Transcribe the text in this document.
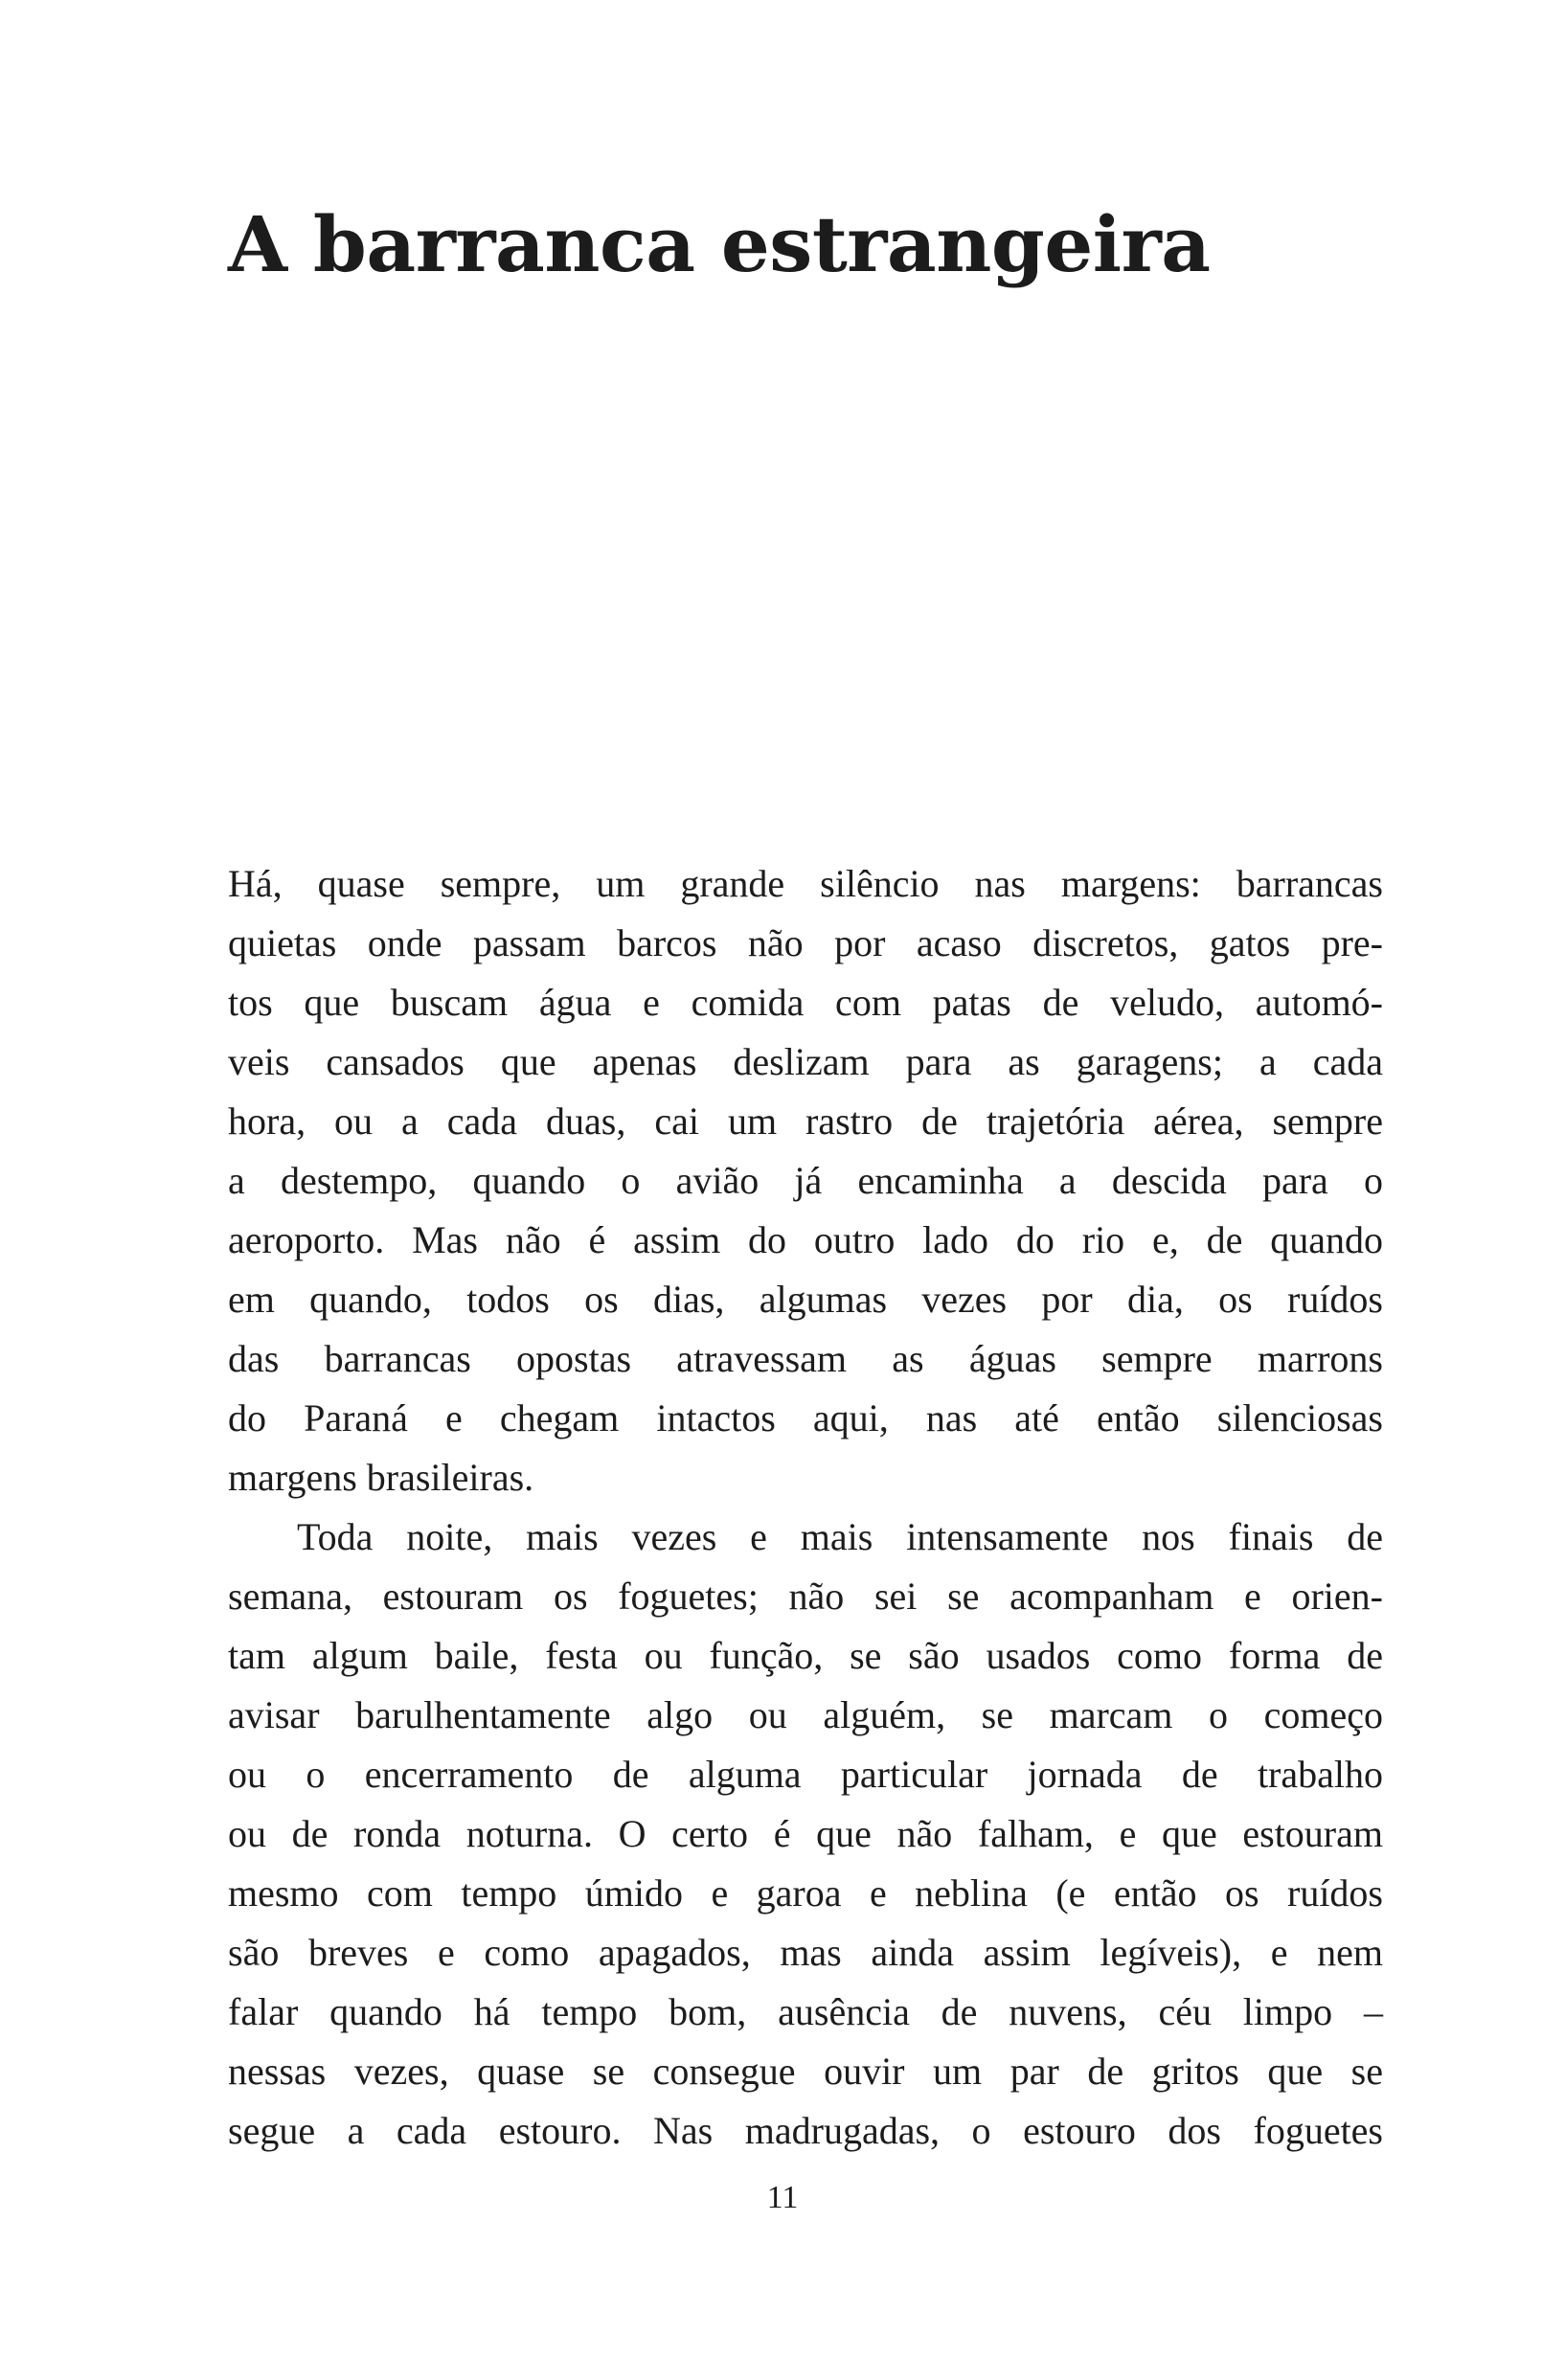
A barranca estrangeira
Há, quase sempre, um grande silêncio nas margens: barrancas
quietas onde passam barcos não por acaso discretos, gatos pre-
tos que buscam água e comida com patas de veludo, automó-
veis cansados que apenas deslizam para as garagens; a cada
hora, ou a cada duas, cai um rastro de trajetória aérea, sempre
a destempo, quando o avião já encaminha a descida para o
aeroporto. Mas não é assim do outro lado do rio e, de quando
em quando, todos os dias, algumas vezes por dia, os ruídos
das barrancas opostas atravessam as águas sempre marrons
do Paraná e chegam intactos aqui, nas até então silenciosas
margens brasileiras.
Toda noite, mais vezes e mais intensamente nos finais de
semana, estouram os foguetes; não sei se acompanham e orien-
tam algum baile, festa ou função, se são usados como forma de
avisar barulhentamente algo ou alguém, se marcam o começo
ou o encerramento de alguma particular jornada de trabalho
ou de ronda noturna. O certo é que não falham, e que estouram
mesmo com tempo úmido e garoa e neblina (e então os ruídos
são breves e como apagados, mas ainda assim legíveis), e nem
falar quando há tempo bom, ausência de nuvens, céu limpo –
nessas vezes, quase se consegue ouvir um par de gritos que se
segue a cada estouro. Nas madrugadas, o estouro dos foguetes
11
